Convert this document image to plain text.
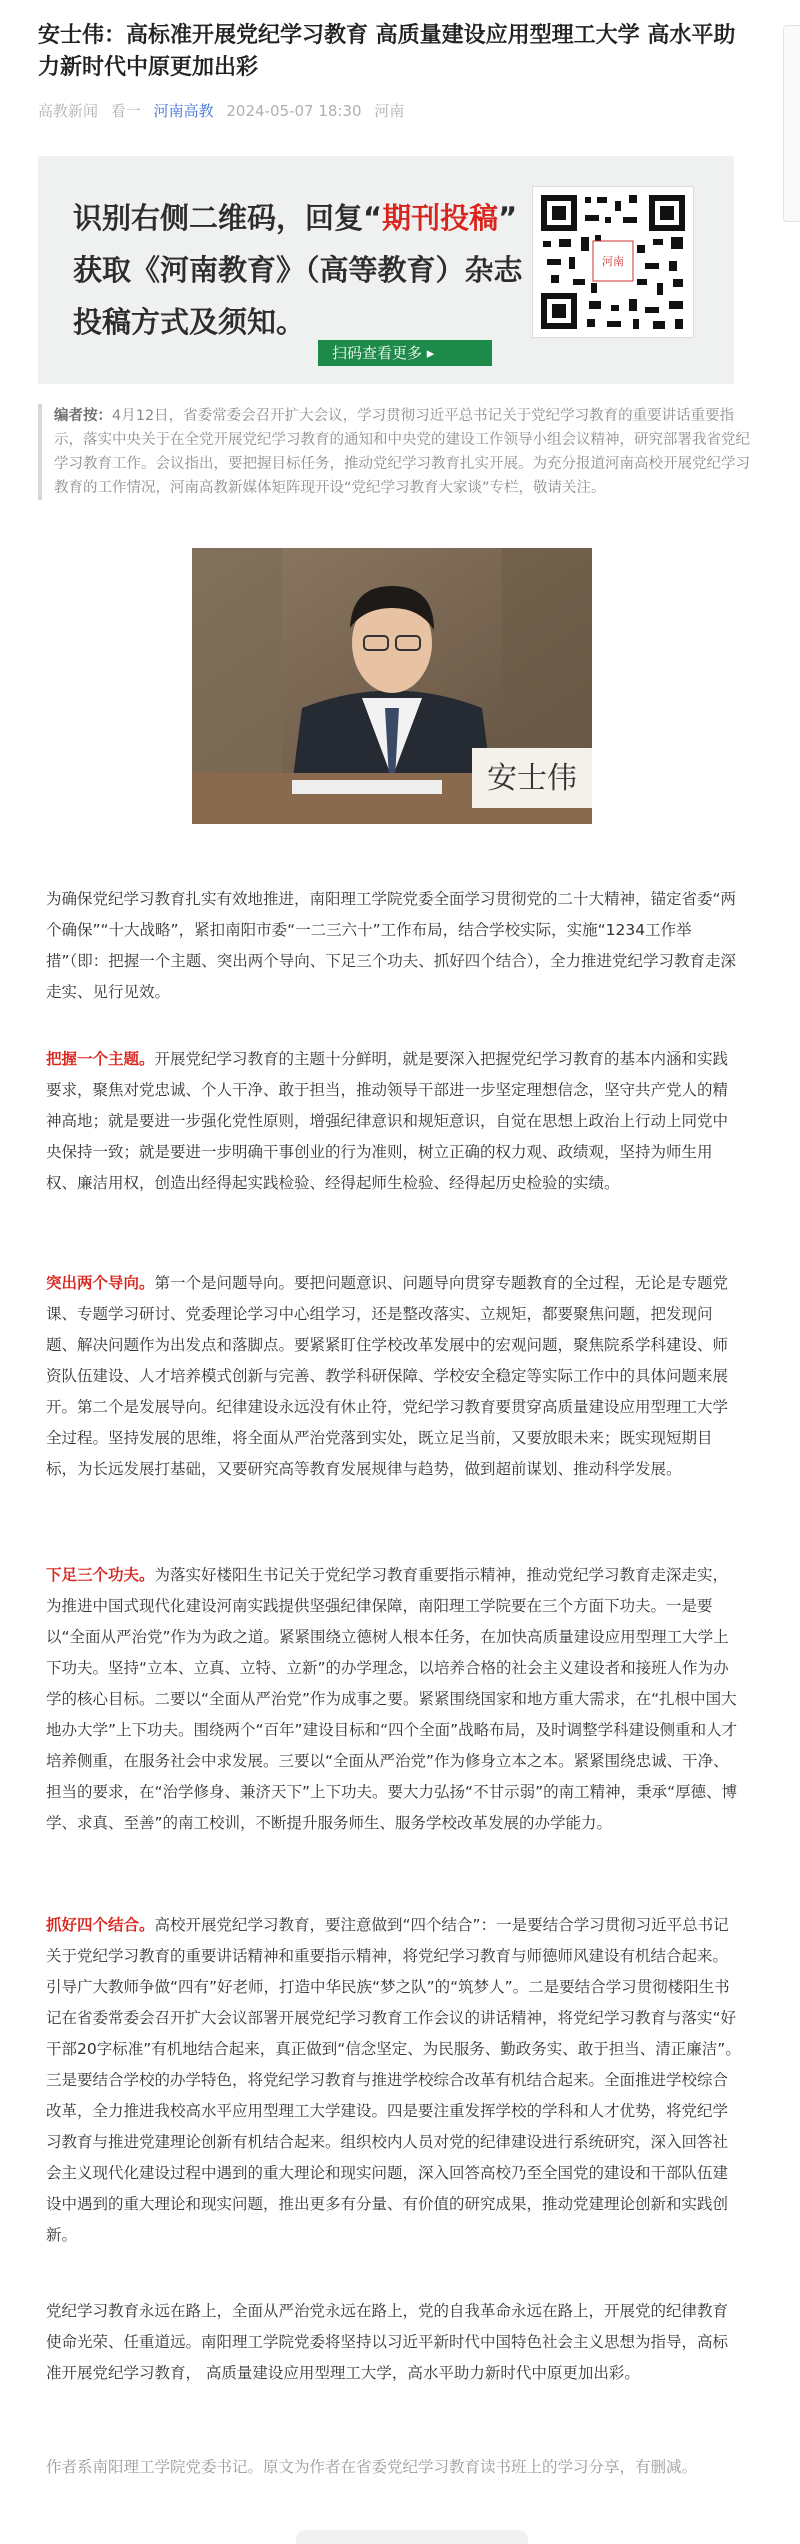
安士伟：高标准开展党纪学习教育 高质量建设应用型理工大学 高水平助力新时代中原更加出彩
高教新闻 看一 河南高教 2024-05-07 18:30 河南
识别右侧二维码，回复“期刊投稿”
获取《河南教育》（高等教育）杂志
投稿方式及须知。
河南
扫码查看更多 ▸
编者按：4月12日，省委常委会召开扩大会议，学习贯彻习近平总书记关于党纪学习教育的重要讲话重要指示，落实中央关于在全党开展党纪学习教育的通知和中央党的建设工作领导小组会议精神，研究部署我省党纪学习教育工作。会议指出，要把握目标任务，推动党纪学习教育扎实开展。为充分报道河南高校开展党纪学习教育的工作情况，河南高教新媒体矩阵现开设“党纪学习教育大家谈”专栏，敬请关注。
安士伟
为确保党纪学习教育扎实有效地推进，南阳理工学院党委全面学习贯彻党的二十大精神，锚定省委“两个确保”“十大战略”，紧扣南阳市委“一二三六十”工作布局，结合学校实际，实施“1234工作举措”（即：把握一个主题、突出两个导向、下足三个功夫、抓好四个结合），全力推进党纪学习教育走深走实、见行见效。
把握一个主题。开展党纪学习教育的主题十分鲜明，就是要深入把握党纪学习教育的基本内涵和实践要求，聚焦对党忠诚、个人干净、敢于担当，推动领导干部进一步坚定理想信念，坚守共产党人的精神高地；就是要进一步强化党性原则，增强纪律意识和规矩意识，自觉在思想上政治上行动上同党中央保持一致；就是要进一步明确干事创业的行为准则，树立正确的权力观、政绩观，坚持为师生用权、廉洁用权，创造出经得起实践检验、经得起师生检验、经得起历史检验的实绩。
突出两个导向。第一个是问题导向。要把问题意识、问题导向贯穿专题教育的全过程，无论是专题党课、专题学习研讨、党委理论学习中心组学习，还是整改落实、立规矩，都要聚焦问题，把发现问题、解决问题作为出发点和落脚点。要紧紧盯住学校改革发展中的宏观问题，聚焦院系学科建设、师资队伍建设、人才培养模式创新与完善、教学科研保障、学校安全稳定等实际工作中的具体问题来展开。第二个是发展导向。纪律建设永远没有休止符，党纪学习教育要贯穿高质量建设应用型理工大学全过程。坚持发展的思维，将全面从严治党落到实处，既立足当前，又要放眼未来；既实现短期目标，为长远发展打基础，又要研究高等教育发展规律与趋势，做到超前谋划、推动科学发展。
下足三个功夫。为落实好楼阳生书记关于党纪学习教育重要指示精神，推动党纪学习教育走深走实，为推进中国式现代化建设河南实践提供坚强纪律保障，南阳理工学院要在三个方面下功夫。一是要以“全面从严治党”作为为政之道。紧紧围绕立德树人根本任务，在加快高质量建设应用型理工大学上下功夫。坚持“立本、立真、立特、立新”的办学理念，以培养合格的社会主义建设者和接班人作为办学的核心目标。二要以“全面从严治党”作为成事之要。紧紧围绕国家和地方重大需求，在“扎根中国大地办大学”上下功夫。围绕两个“百年”建设目标和“四个全面”战略布局，及时调整学科建设侧重和人才培养侧重，在服务社会中求发展。三要以“全面从严治党”作为修身立本之本。紧紧围绕忠诚、干净、担当的要求，在“治学修身、兼济天下”上下功夫。要大力弘扬“不甘示弱”的南工精神，秉承“厚德、博学、求真、至善”的南工校训，不断提升服务师生、服务学校改革发展的办学能力。
抓好四个结合。高校开展党纪学习教育，要注意做到“四个结合”：一是要结合学习贯彻习近平总书记关于党纪学习教育的重要讲话精神和重要指示精神，将党纪学习教育与师德师风建设有机结合起来。引导广大教师争做“四有”好老师，打造中华民族“梦之队”的“筑梦人”。二是要结合学习贯彻楼阳生书记在省委常委会召开扩大会议部署开展党纪学习教育工作会议的讲话精神，将党纪学习教育与落实“好干部20字标准”有机地结合起来，真正做到“信念坚定、为民服务、勤政务实、敢于担当、清正廉洁”。三是要结合学校的办学特色，将党纪学习教育与推进学校综合改革有机结合起来。全面推进学校综合改革，全力推进我校高水平应用型理工大学建设。四是要注重发挥学校的学科和人才优势，将党纪学习教育与推进党建理论创新有机结合起来。组织校内人员对党的纪律建设进行系统研究，深入回答社会主义现代化建设过程中遇到的重大理论和现实问题，深入回答高校乃至全国党的建设和干部队伍建设中遇到的重大理论和现实问题，推出更多有分量、有价值的研究成果，推动党建理论创新和实践创新。
党纪学习教育永远在路上，全面从严治党永远在路上，党的自我革命永远在路上，开展党的纪律教育使命光荣、任重道远。南阳理工学院党委将坚持以习近平新时代中国特色社会主义思想为指导，高标准开展党纪学习教育， 高质量建设应用型理工大学，高水平助力新时代中原更加出彩。
作者系南阳理工学院党委书记。原文为作者在省委党纪学习教育读书班上的学习分享，有删减。
